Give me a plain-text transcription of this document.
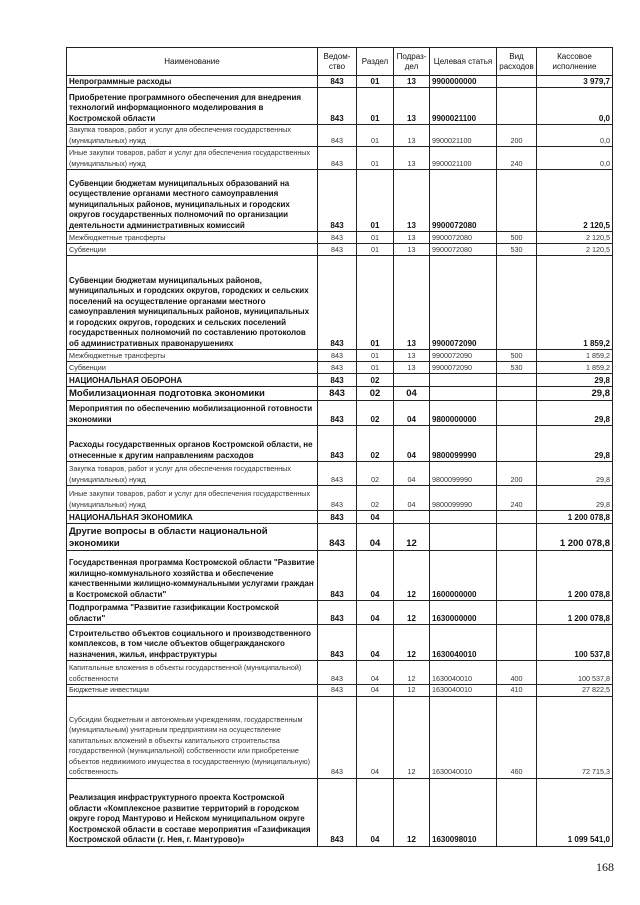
Наименование	Ведом-ство	Раздел	Подраз-дел	Целевая статья	Вид расходов	Кассовое исполнение
Непрограммные расходы	843	01	13	9900000000		3 979,7
Приобретение программного обеспечения для внедрения технологий информационного моделирования в Костромской области	843	01	13	9900021100		0,0
Закупка товаров, работ и услуг для обеспечения государственных (муниципальных) нужд	843	01	13	9900021100	200	0,0
Иные закупки товаров, работ и услуг для обеспечения государственных (муниципальных) нужд	843	01	13	9900021100	240	0,0
Субвенции бюджетам муниципальных образований на осуществление органами местного самоуправления муниципальных районов, муниципальных и городских округов государственных полномочий по организации деятельности административных комиссий	843	01	13	9900072080		2 120,5
Межбюджетные трансферты	843	01	13	9900072080	500	2 120,5
Субвенции	843	01	13	9900072080	530	2 120,5
Субвенции бюджетам муниципальных районов, муниципальных и городских округов, городских и сельских поселений на осуществление органами местного самоуправления муниципальных районов, муниципальных и городских округов, городских и сельских поселений государственных полномочий по составлению протоколов об административных правонарушениях	843	01	13	9900072090		1 859,2
Межбюджетные трансферты	843	01	13	9900072090	500	1 859,2
Субвенции	843	01	13	9900072090	530	1 859,2
НАЦИОНАЛЬНАЯ ОБОРОНА	843	02				29,8
Мобилизационная подготовка экономики	843	02	04			29,8
Мероприятия по обеспечению мобилизационной готовности экономики	843	02	04	9800000000		29,8
Расходы государственных органов Костромской области, не отнесенные к другим направлениям расходов	843	02	04	9800099990		29,8
Закупка товаров, работ и услуг для обеспечения государственных (муниципальных) нужд	843	02	04	9800099990	200	29,8
Иные закупки товаров, работ и услуг для обеспечения государственных (муниципальных) нужд	843	02	04	9800099990	240	29,8
НАЦИОНАЛЬНАЯ ЭКОНОМИКА	843	04				1 200 078,8
Другие вопросы в области национальной экономики	843	04	12			1 200 078,8
Государственная программа Костромской области "Развитие жилищно-коммунального хозяйства и обеспечение качественными жилищно-коммунальными услугами граждан в Костромской области"	843	04	12	1600000000		1 200 078,8
Подпрограмма "Развитие газификации Костромской области"	843	04	12	1630000000		1 200 078,8
Строительство объектов социального и производственного комплексов, в том числе объектов общегражданского назначения, жилья, инфраструктуры	843	04	12	1630040010		100 537,8
Капитальные вложения в объекты государственной (муниципальной) собственности	843	04	12	1630040010	400	100 537,8
Бюджетные инвестиции	843	04	12	1630040010	410	27 822,5
Субсидии бюджетным и автономным учреждениям, государственным (муниципальным) унитарным предприятиям на осуществление капитальных вложений в объекты капитального строительства государственной (муниципальной) собственности или приобретение объектов недвижимого имущества в государственную (муниципальную) собственность	843	04	12	1630040010	460	72 715,3
Реализация инфраструктурного проекта Костромской области «Комплексное развитие территорий в городском округе город Мантурово и Нейском муниципальном округе Костромской области в составе мероприятия «Газификация Костромской области (г. Нея, г. Мантурово)»	843	04	12	1630098010		1 099 541,0
168
